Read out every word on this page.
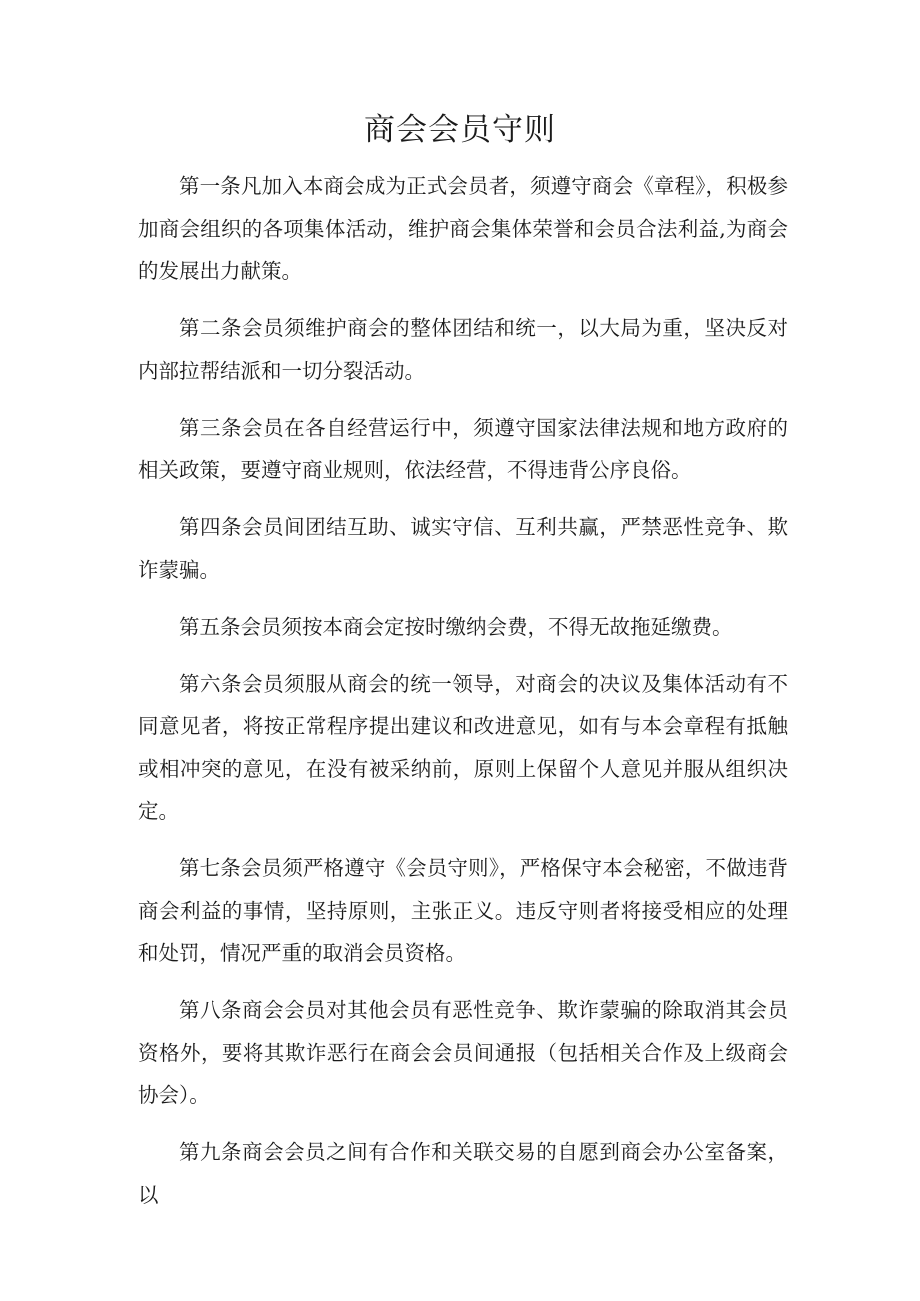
商会会员守则

第一条凡加入本商会成为正式会员者，须遵守商会《章程》，积极参加商会组织的各项集体活动，维护商会集体荣誉和会员合法利益,为商会的发展出力献策。

第二条会员须维护商会的整体团结和统一，以大局为重，坚决反对内部拉帮结派和一切分裂活动。

第三条会员在各自经营运行中，须遵守国家法律法规和地方政府的相关政策，要遵守商业规则，依法经营，不得违背公序良俗。

第四条会员间团结互助、诚实守信、互利共赢，严禁恶性竞争、欺诈蒙骗。

第五条会员须按本商会定按时缴纳会费，不得无故拖延缴费。

第六条会员须服从商会的统一领导，对商会的决议及集体活动有不同意见者，将按正常程序提出建议和改进意见，如有与本会章程有抵触或相冲突的意见，在没有被采纳前，原则上保留个人意见并服从组织决定。

第七条会员须严格遵守《会员守则》，严格保守本会秘密，不做违背商会利益的事情，坚持原则，主张正义。违反守则者将接受相应的处理和处罚，情况严重的取消会员资格。

第八条商会会员对其他会员有恶性竞争、欺诈蒙骗的除取消其会员资格外，要将其欺诈恶行在商会会员间通报（包括相关合作及上级商会协会）。

第九条商会会员之间有合作和关联交易的自愿到商会办公室备案，以
